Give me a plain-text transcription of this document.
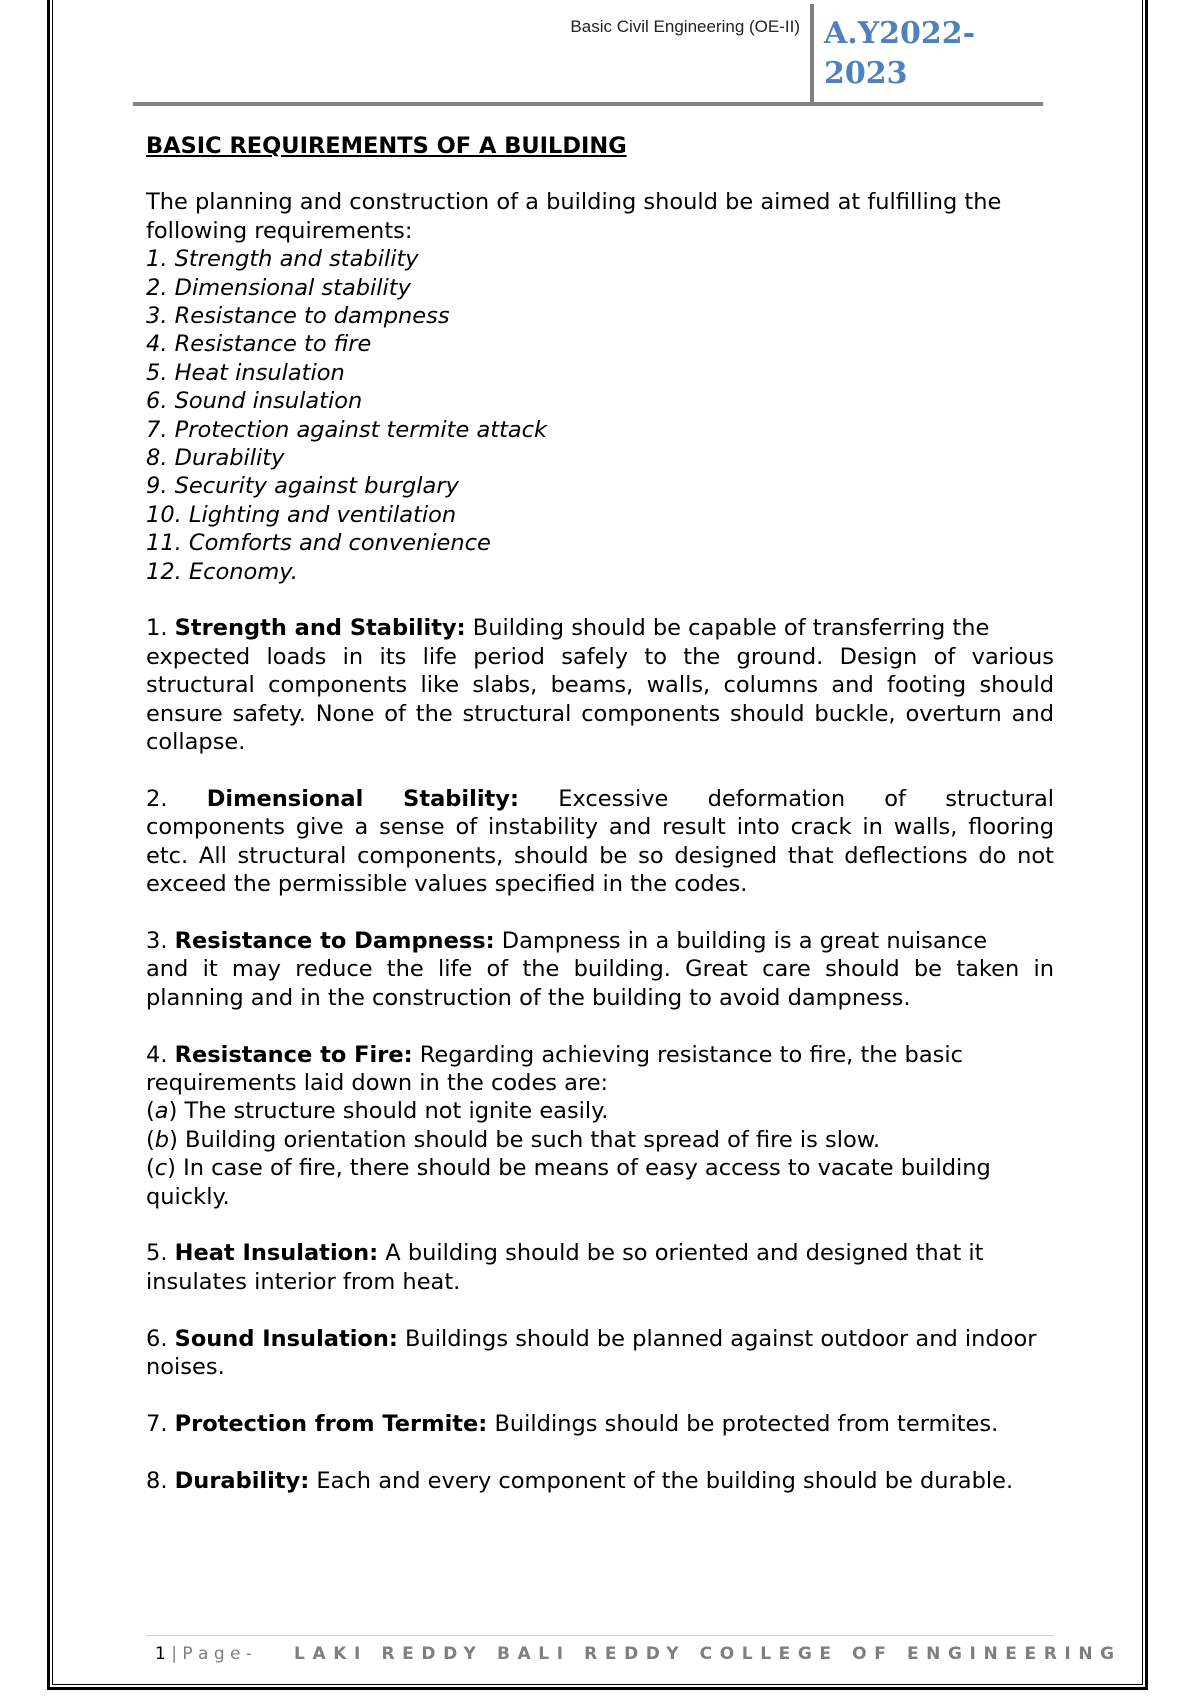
Basic Civil Engineering (OE-II) A.Y2022-2023
BASIC REQUIREMENTS OF A BUILDING
The planning and construction of a building should be aimed at fulfilling the following requirements:
1. Strength and stability
2. Dimensional stability
3. Resistance to dampness
4. Resistance to fire
5. Heat insulation
6. Sound insulation
7. Protection against termite attack
8. Durability
9. Security against burglary
10. Lighting and ventilation
11. Comforts and convenience
12. Economy.
1. Strength and Stability: Building should be capable of transferring the
expected loads in its life period safely to the ground. Design of various structural components like slabs, beams, walls, columns and footing should ensure safety. None of the structural components should buckle, overturn and collapse.
2. Dimensional Stability: Excessive deformation of structural
components give a sense of instability and result into crack in walls, flooring etc. All structural components, should be so designed that deflections do not exceed the permissible values specified in the codes.
3. Resistance to Dampness: Dampness in a building is a great nuisance
and it may reduce the life of the building. Great care should be taken in planning and in the construction of the building to avoid dampness.
4. Resistance to Fire: Regarding achieving resistance to fire, the basic requirements laid down in the codes are:
(a) The structure should not ignite easily.
(b) Building orientation should be such that spread of fire is slow.
(c) In case of fire, there should be means of easy access to vacate building quickly.
5. Heat Insulation: A building should be so oriented and designed that it insulates interior from heat.
6. Sound Insulation: Buildings should be planned against outdoor and indoor noises.
7. Protection from Termite: Buildings should be protected from termites.
8. Durability: Each and every component of the building should be durable.
1 | P a g e - LAKI REDDY BALI REDDY COLLEGE OF ENGINEERING
